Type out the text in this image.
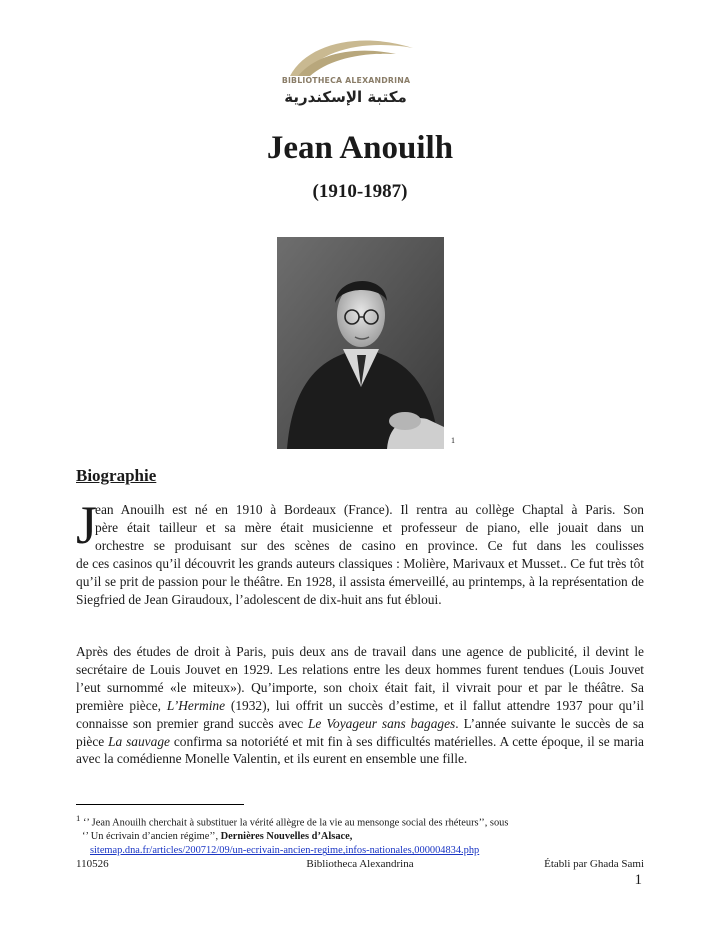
BIBLIOTHECA ALEXANDRINA
مكتبة الإسكندرية
Jean Anouilh
(1910-1987)
1
Biographie
J

ean Anouilh est né en 1910 à Bordeaux (France). Il rentra au collège Chaptal à Paris. Son
père était tailleur et sa mère était musicienne et professeur de piano, elle jouait dans un
orchestre se produisant sur des scènes de casino en province. Ce fut dans les coulisses

de ces casinos qu’il découvrit les grands auteurs classiques : Molière, Marivaux et Musset.. Ce fut très tôt qu’il se prit de passion pour le théâtre. En 1928, il assista émerveillé, au printemps, à la représentation de Siegfried de Jean Giraudoux, l’adolescent de dix-huit ans fut ébloui.

Après des études de droit à Paris, puis deux ans de travail dans une agence de publicité, il devint le secrétaire de Louis Jouvet en 1929. Les relations entre les deux hommes furent tendues (Louis Jouvet l’eut surnommé «le miteux»). Qu’importe, son choix était fait, il vivrait pour et par le théâtre. Sa première pièce, L’Hermine (1932), lui offrit un succès d’estime, et il fallut attendre 1937 pour qu’il connaisse son premier grand succès avec Le Voyageur sans bagages. L’année suivante le succès de sa pièce La sauvage confirma sa notoriété et mit fin à ses difficultés matérielles. A cette époque, il se maria avec la comédienne Monelle Valentin, et ils eurent en ensemble une fille.

$^1$ ‘’ Jean Anouilh cherchait à substituer la vérité allègre de la vie au mensonge social des rhéteurs’’, sous
‘’ Un écrivain d’ancien régime’’, Dernières Nouvelles d’Alsace,
sitemap.dna.fr/articles/200712/09/un-ecrivain-ancien-regime,infos-nationales,000004834.php
110526	Bibliotheca Alexandrina	Établi par Ghada Sami
1
